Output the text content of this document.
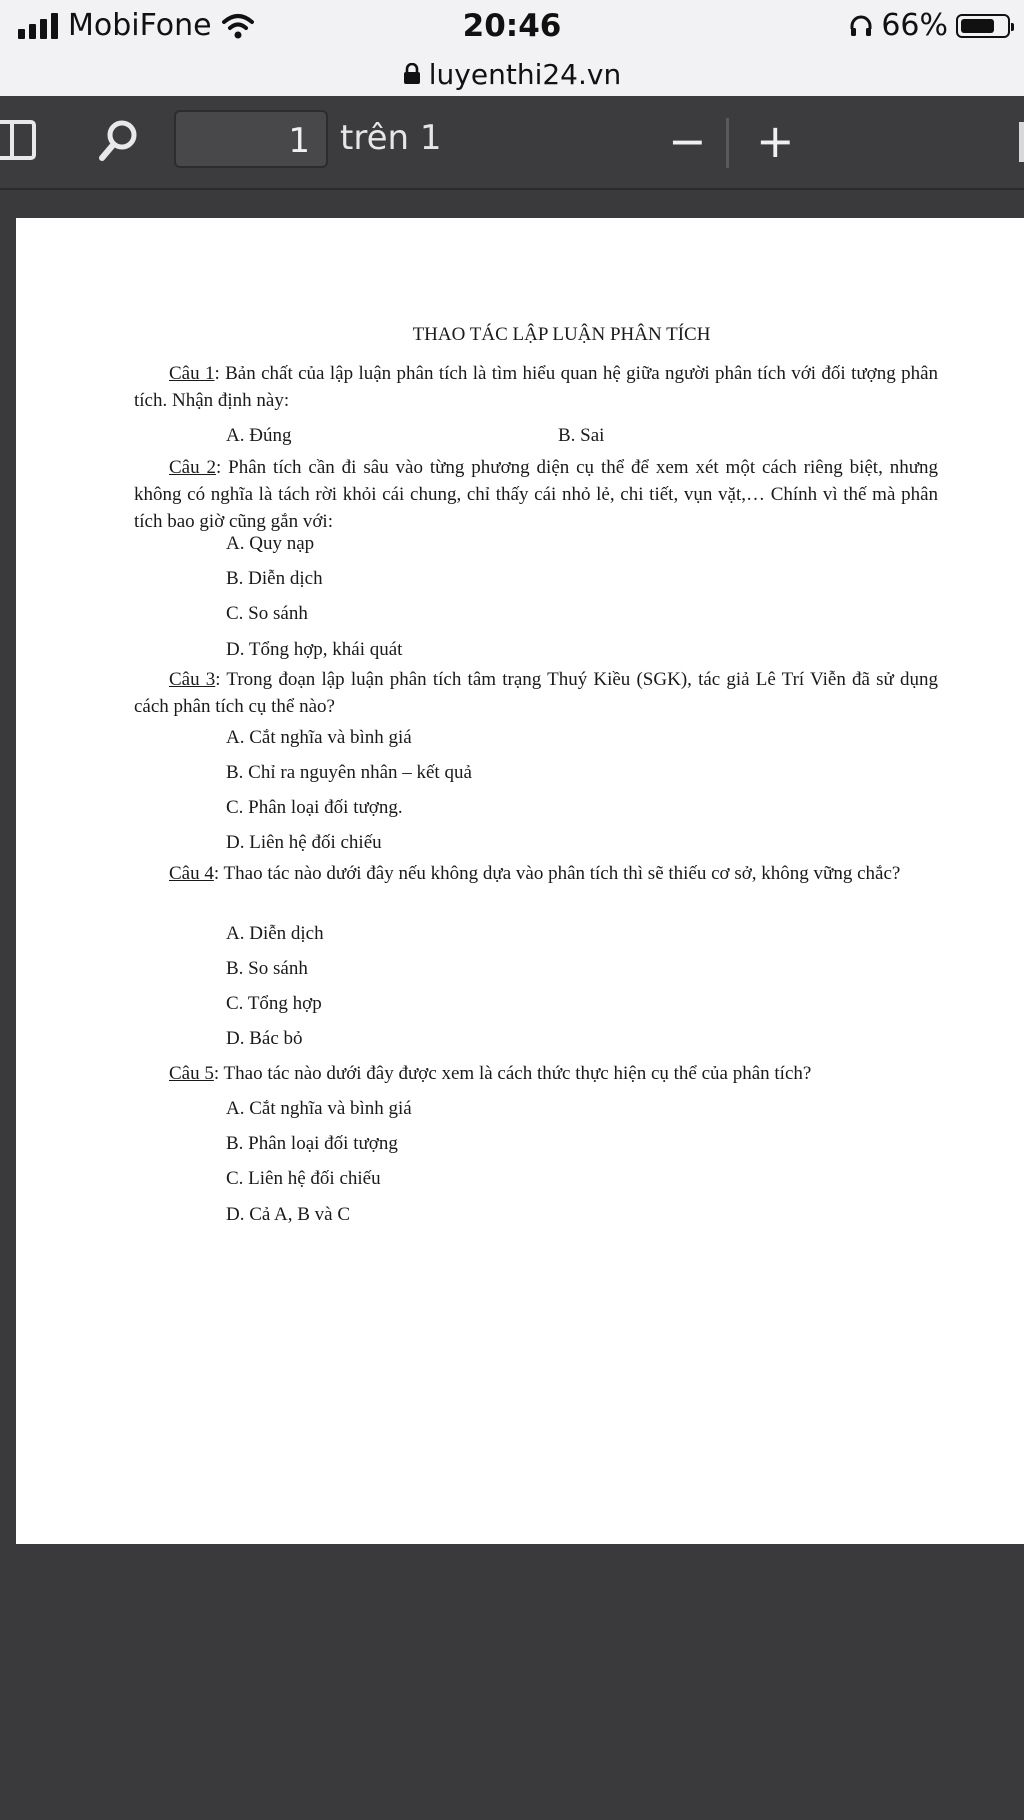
MobiFone	20:46	66%
luyenthi24.vn
1 trên 1	− +
THAO TÁC LẬP LUẬN PHÂN TÍCH
Câu 1: Bản chất của lập luận phân tích là tìm hiểu quan hệ giữa người phân tích với đối tượng phân tích. Nhận định này:
A. Đúng	B. Sai
Câu 2: Phân tích cần đi sâu vào từng phương diện cụ thể để xem xét một cách riêng biệt, nhưng không có nghĩa là tách rời khỏi cái chung, chỉ thấy cái nhỏ lẻ, chi tiết, vụn vặt,… Chính vì thế mà phân tích bao giờ cũng gắn với:
A. Quy nạp
B. Diễn dịch
C. So sánh
D. Tổng hợp, khái quát
Câu 3: Trong đoạn lập luận phân tích tâm trạng Thuý Kiều (SGK), tác giả Lê Trí Viễn đã sử dụng cách phân tích cụ thể nào?
A. Cắt nghĩa và bình giá
B. Chỉ ra nguyên nhân – kết quả
C. Phân loại đối tượng.
D. Liên hệ đối chiếu
Câu 4: Thao tác nào dưới đây nếu không dựa vào phân tích thì sẽ thiếu cơ sở, không vững chắc?
A. Diễn dịch
B. So sánh
C. Tổng hợp
D. Bác bỏ
Câu 5: Thao tác nào dưới đây được xem là cách thức thực hiện cụ thể của phân tích?
A. Cắt nghĩa và bình giá
B. Phân loại đối tượng
C. Liên hệ đối chiếu
D. Cả A, B và C
